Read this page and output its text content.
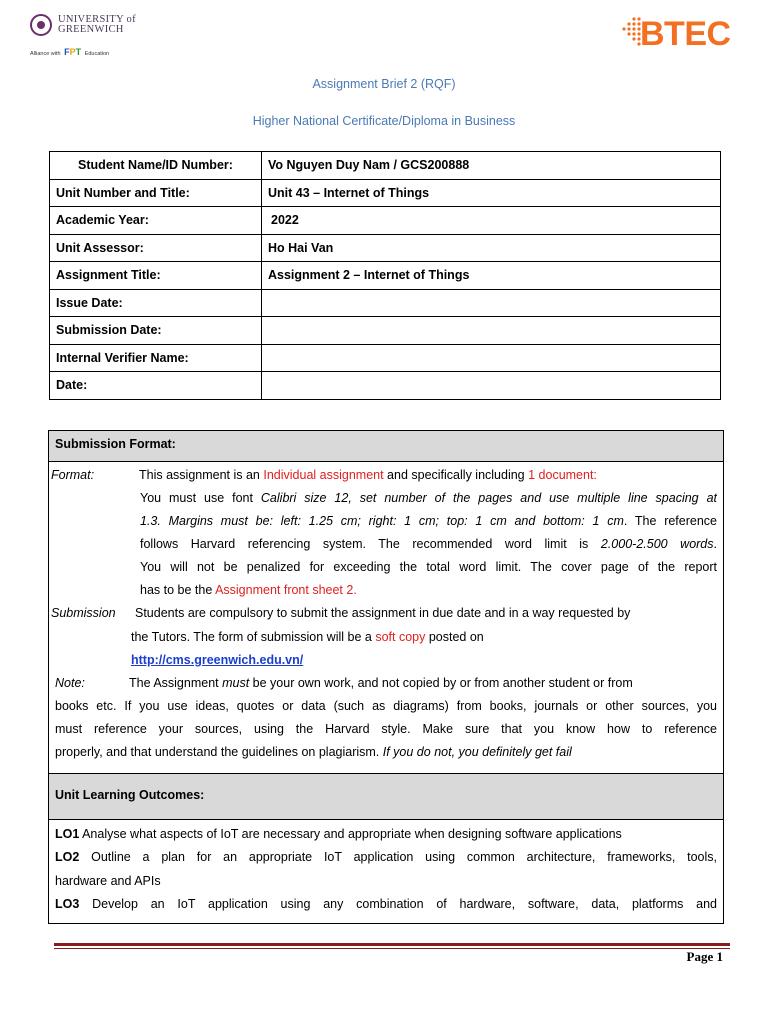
UNIVERSITY of
GREENWICH
Alliance with FPT Education
BTEC
Assignment Brief 2 (RQF)
Higher National Certificate/Diploma in Business
Student Name/ID Number:	Vo Nguyen Duy Nam / GCS200888
Unit Number and Title:	Unit 43 – Internet of Things
Academic Year:	2022
Unit Assessor:	Ho Hai Van
Assignment Title:	Assignment 2 – Internet of Things
Issue Date:	
Submission Date:	
Internal Verifier Name:	
Date:	
Submission Format:
Format:	This assignment is an Individual assignment and specifically including 1 document:
You must use font Calibri size 12, set number of the pages and use multiple line spacing at
1.3. Margins must be: left: 1.25 cm; right: 1 cm; top: 1 cm and bottom: 1 cm. The reference
follows Harvard referencing system. The recommended word limit is 2.000-2.500 words.
You will not be penalized for exceeding the total word limit. The cover page of the report
has to be the Assignment front sheet 2.
Submission Students are compulsory to submit the assignment in due date and in a way requested by
the Tutors. The form of submission will be a soft copy posted on
http://cms.greenwich.edu.vn/
Note:	The Assignment must be your own work, and not copied by or from another student or from
books etc. If you use ideas, quotes or data (such as diagrams) from books, journals or other sources, you
must reference your sources, using the Harvard style. Make sure that you know how to reference
properly, and that understand the guidelines on plagiarism. If you do not, you definitely get fail
Unit Learning Outcomes:
LO1 Analyse what aspects of IoT are necessary and appropriate when designing software applications
LO2 Outline a plan for an appropriate IoT application using common architecture, frameworks, tools,
hardware and APIs
LO3 Develop an IoT application using any combination of hardware, software, data, platforms and
Page 1
